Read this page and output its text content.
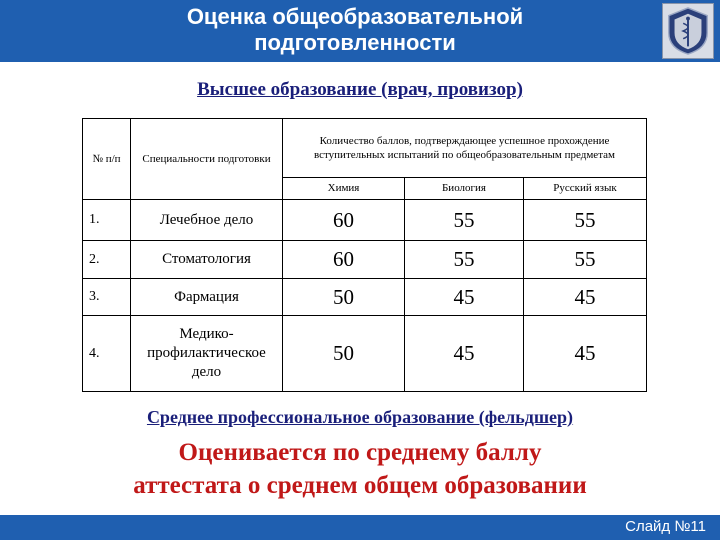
Оценка общеобразовательной
подготовленности
Высшее образование (врач, провизор)
№ п/п	Специальности подготовки	Количество баллов, подтверждающее успешное прохождение вступительных испытаний по общеобразовательным предметам		
		Химия	Биология	Русский язык
1.	Лечебное дело	60	55	55
2.	Стоматология	60	55	55
3.	Фармация	50	45	45
4.	Медико-профилактическое дело	50	45	45
Среднее профессиональное образование (фельдшер)
Оценивается по среднему баллу
аттестата о среднем общем образовании
Слайд №11
